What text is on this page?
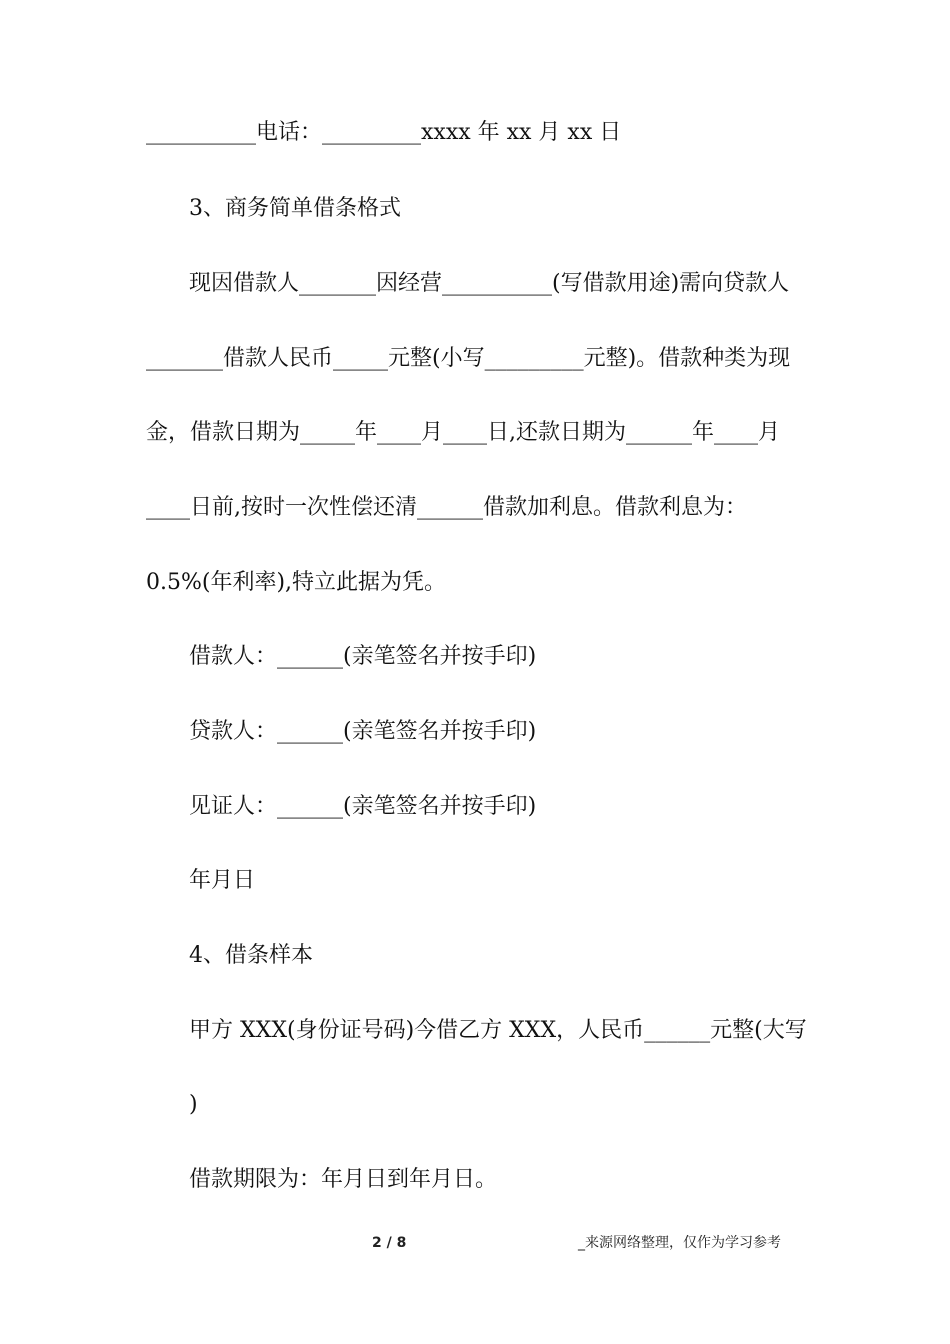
__________电话：_________xxxx 年 xx 月 xx 日
3、商务简单借条格式
现因借款人_______因经营__________(写借款用途)需向贷款人
_______借款人民币_____元整(小写_________元整)。借款种类为现
金，借款日期为_____年____月____日,还款日期为______年____月
____日前,按时一次性偿还清______借款加利息。借款利息为：
0.5%(年利率),特立此据为凭。
借款人：______(亲笔签名并按手印)
贷款人：______(亲笔签名并按手印)
见证人：______(亲笔签名并按手印)
年月日
4、借条样本
甲方 XXX(身份证号码)今借乙方 XXX，人民币______元整(大写
)
借款期限为：年月日到年月日。
2 / 8	_来源网络整理，仅作为学习参考
